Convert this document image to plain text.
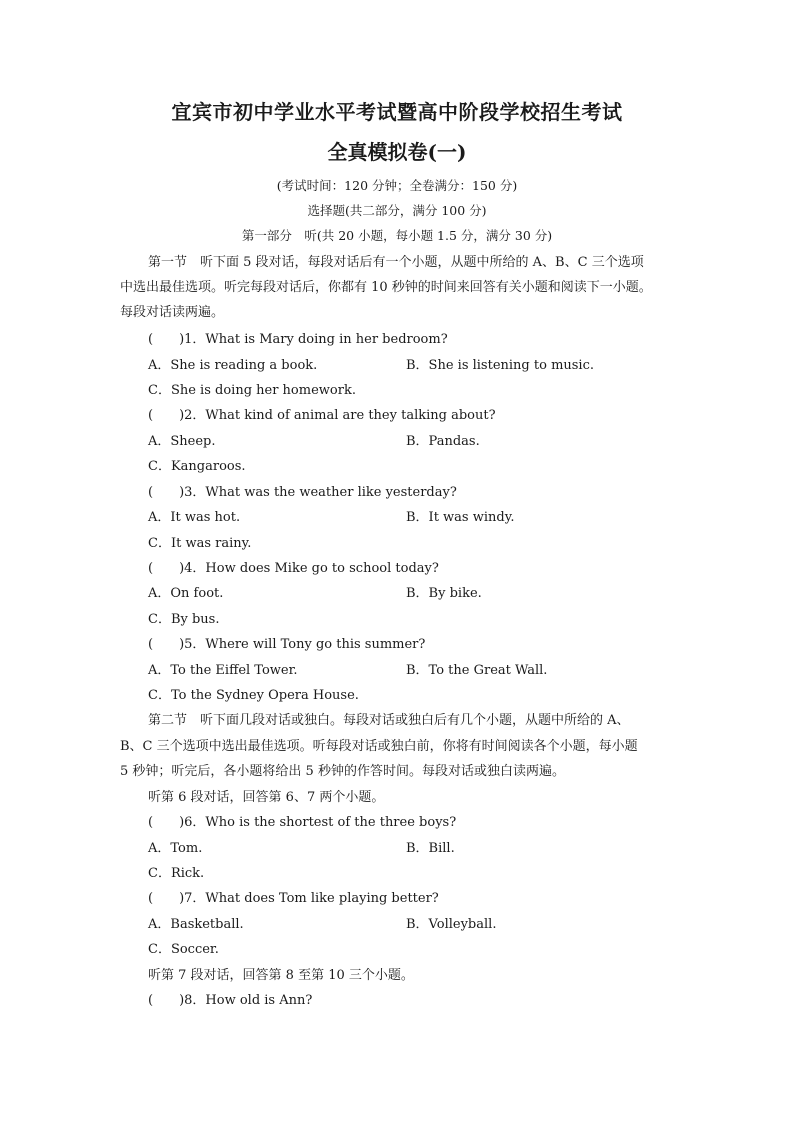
宜宾市初中学业水平考试暨高中阶段学校招生考试
全真模拟卷(一)
(考试时间：120 分钟；全卷满分：150 分)
选择题(共二部分，满分 100 分)
第一部分　听(共 20 小题，每小题 1.5 分，满分 30 分)
第一节　听下面 5 段对话，每段对话后有一个小题，从题中所给的 A、B、C 三个选项
中选出最佳选项。听完每段对话后，你都有 10 秒钟的时间来回答有关小题和阅读下一小题。
每段对话读两遍。
(　　)1．What is Mary doing in her bedroom?
A．She is reading a book.	B．She is listening to music.
C．She is doing her homework.
(　　)2．What kind of animal are they talking about?
A．Sheep.	B．Pandas.
C．Kangaroos.
(　　)3．What was the weather like yesterday?
A．It was hot.	B．It was windy.
C．It was rainy.
(　　)4．How does Mike go to school today?
A．On foot.	B．By bike.
C．By bus.
(　　)5．Where will Tony go this summer?
A．To the Eiffel Tower.	B．To the Great Wall.
C．To the Sydney Opera House.
第二节　听下面几段对话或独白。每段对话或独白后有几个小题，从题中所给的 A、
B、C 三个选项中选出最佳选项。听每段对话或独白前，你将有时间阅读各个小题，每小题
5 秒钟；听完后，各小题将给出 5 秒钟的作答时间。每段对话或独白读两遍。
听第 6 段对话，回答第 6、7 两个小题。
(　　)6．Who is the shortest of the three boys?
A．Tom.	B．Bill.
C．Rick.
(　　)7．What does Tom like playing better?
A．Basketball.	B．Volleyball.
C．Soccer.
听第 7 段对话，回答第 8 至第 10 三个小题。
(　　)8．How old is Ann?
